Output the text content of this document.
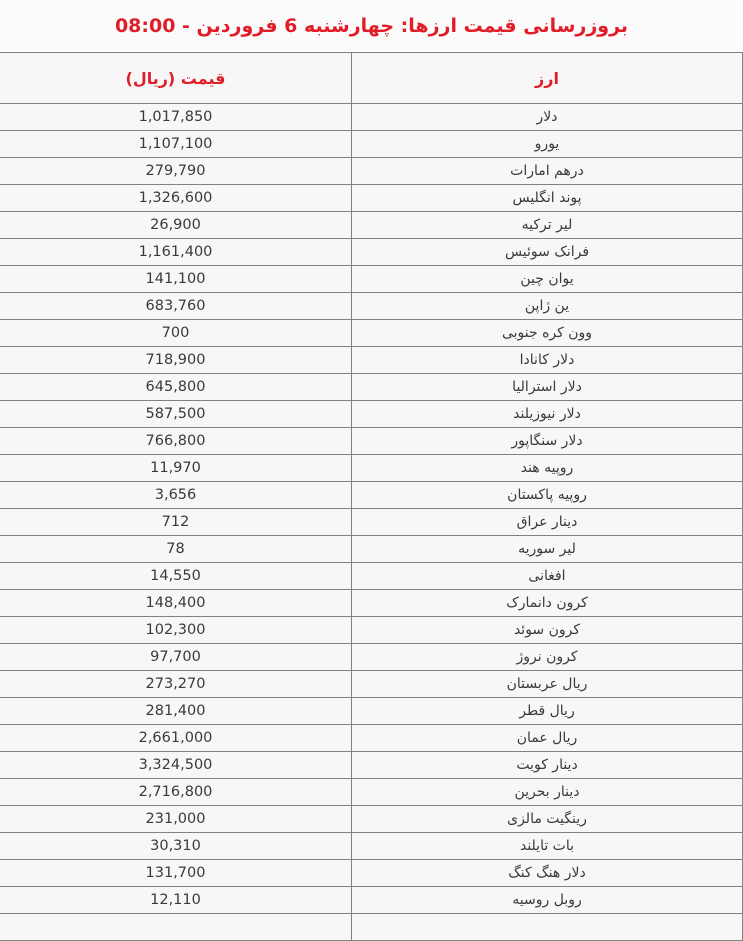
بروزرسانی قیمت ارزها: چهارشنبه 6 فروردین - 08:00
ارز	قیمت (ریال)
دلار	1,017,850
یورو	1,107,100
درهم امارات	279,790
پوند انگلیس	1,326,600
لیر ترکیه	26,900
فرانک سوئیس	1,161,400
یوان چین	141,100
ین ژاپن	683,760
وون کره جنوبی	700
دلار کانادا	718,900
دلار استرالیا	645,800
دلار نیوزیلند	587,500
دلار سنگاپور	766,800
روپیه هند	11,970
روپیه پاکستان	3,656
دینار عراق	712
لیر سوریه	78
افغانی	14,550
کرون دانمارک	148,400
کرون سوئد	102,300
کرون نروژ	97,700
ریال عربستان	273,270
ریال قطر	281,400
ریال عمان	2,661,000
دینار کویت	3,324,500
دینار بحرین	2,716,800
رینگیت مالزی	231,000
بات تایلند	30,310
دلار هنگ کنگ	131,700
روبل روسیه	12,110
